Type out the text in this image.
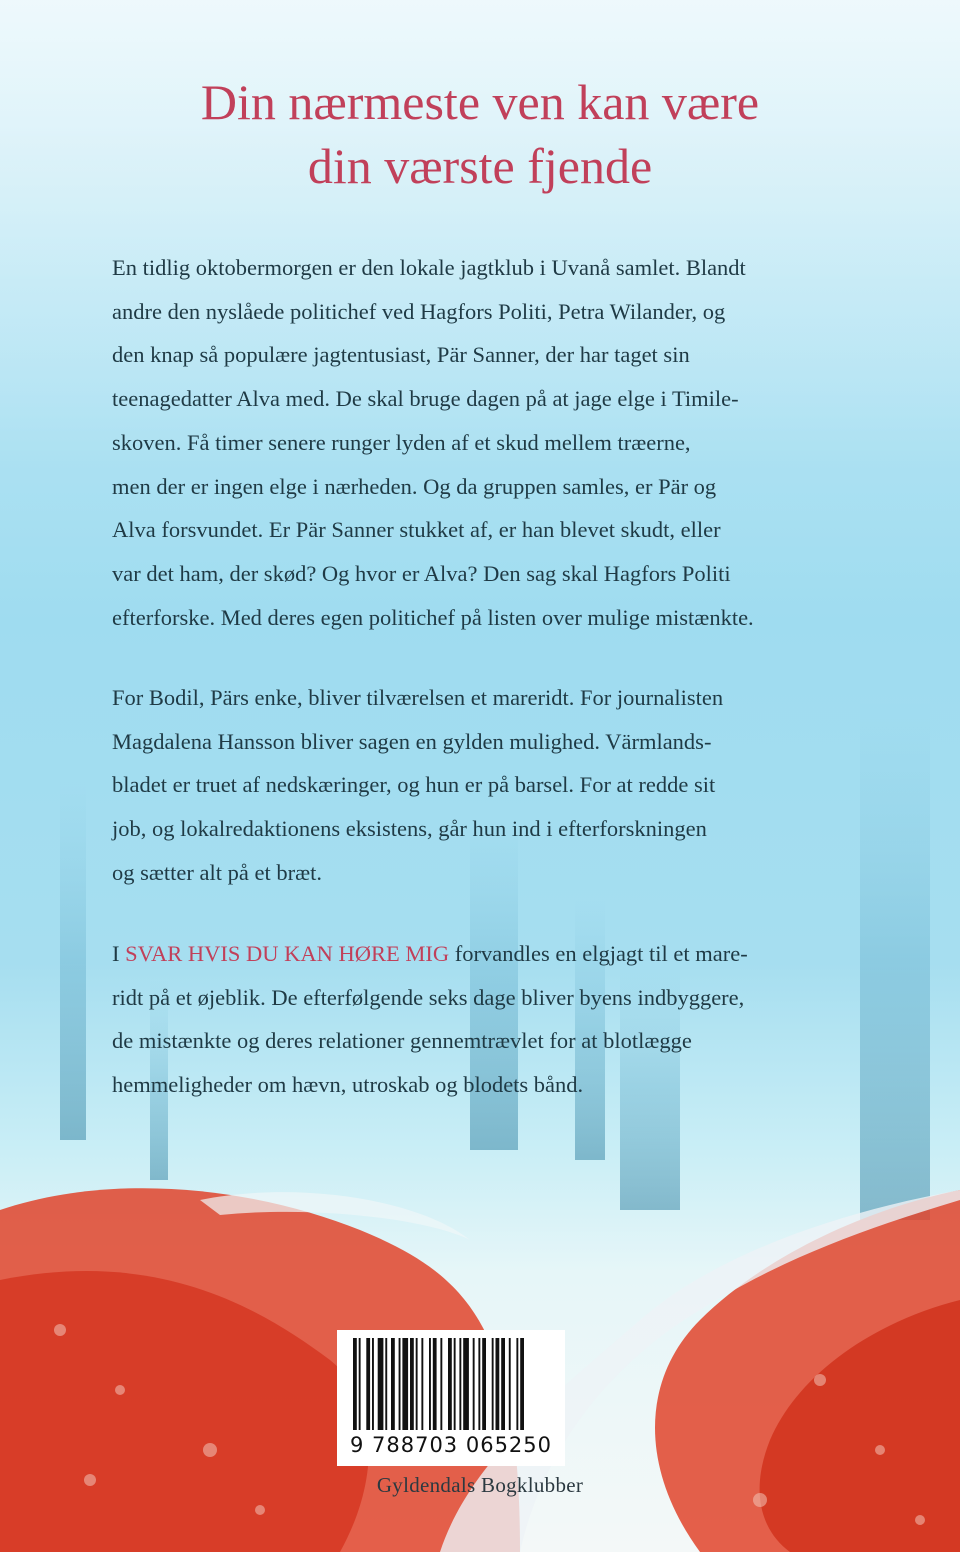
Din nærmeste ven kan være
din værste fjende
En tidlig oktobermorgen er den lokale jagtklub i Uvanå samlet. Blandt
andre den nyslåede politichef ved Hagfors Politi, Petra Wilander, og
den knap så populære jagtentusiast, Pär Sanner, der har taget sin
teenagedatter Alva med. De skal bruge dagen på at jage elge i Timile-
skoven. Få timer senere runger lyden af et skud mellem træerne,
men der er ingen elge i nærheden. Og da gruppen samles, er Pär og
Alva forsvundet. Er Pär Sanner stukket af, er han blevet skudt, eller
var det ham, der skød? Og hvor er Alva? Den sag skal Hagfors Politi
efterforske. Med deres egen politichef på listen over mulige mistænkte.
For Bodil, Pärs enke, bliver tilværelsen et mareridt. For journalisten
Magdalena Hansson bliver sagen en gylden mulighed. Värmlands-
bladet er truet af nedskæringer, og hun er på barsel. For at redde sit
job, og lokalredaktionens eksistens, går hun ind i efterforskningen
og sætter alt på et bræt.
I SVAR HVIS DU KAN HØRE MIG forvandles en elgjagt til et mare-
ridt på et øjeblik. De efterfølgende seks dage bliver byens indbyggere,
de mistænkte og deres relationer gennemtrævlet for at blotlægge
hemmeligheder om hævn, utroskab og blodets bånd.
9 788703 065250
Gyldendals Bogklubber
